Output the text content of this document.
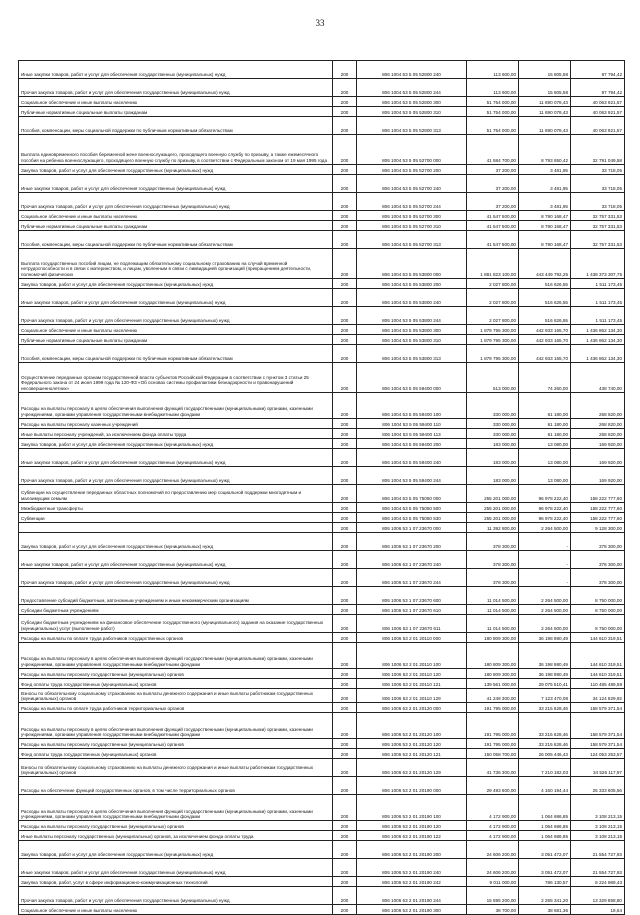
33
Иные закупки товаров, работ и услуг для обеспечения государственных (муниципальных) нужд	200	806 1004 53 5 05 52800 240	113 600,00	15 805,58	97 794,42
Прочая закупка товаров, работ и услуг для обеспечения государственных (муниципальных) нужд	200	806 1004 53 5 05 52800 244	113 600,00	15 805,58	97 794,42
Социальное обеспечение и иные выплаты населению	200	806 1004 53 5 05 52800 300	51 754 000,00	11 690 078,43	40 063 921,57
Публичные нормативные социальные выплаты гражданам	200	806 1004 53 5 05 52800 310	51 754 000,00	11 690 078,43	40 063 921,57
Пособия, компенсации, меры социальной поддержки по публичным нормативным обязательствам	200	806 1004 53 5 05 52800 313	51 754 000,00	11 690 078,43	40 063 921,57
Выплата единовременного пособия беременной жене военнослужащего, проходящего военную службу по призыву, а также ежемесячного пособия на ребенка военнослужащего, проходящего военную службу по призыву, в соответствии с Федеральным законом от 19 мая 1995 года	200	806 1004 53 5 05 52700 000	41 584 700,00	8 793 650,42	32 791 049,58
Закупка товаров, работ и услуг для обеспечения государственных (муниципальных) нужд	200	806 1004 53 5 05 52700 200	37 200,00	3 481,95	33 718,05
Иные закупки товаров, работ и услуг для обеспечения государственных (муниципальных) нужд	200	806 1004 53 5 05 52700 240	37 200,00	3 481,95	33 718,05
Прочая закупка товаров, работ и услуг для обеспечения государственных (муниципальных) нужд	200	806 1004 53 5 05 52700 244	37 200,00	3 481,95	33 718,05
Социальное обеспечение и иные выплаты населению	200	806 1004 53 5 05 52700 300	41 547 500,00	8 790 168,47	32 757 331,53
Публичные нормативные социальные выплаты гражданам	200	806 1004 53 5 05 52700 310	41 547 500,00	8 790 168,47	32 757 331,53
Пособия, компенсации, меры социальной поддержки по публичным нормативным обязательствам	200	806 1004 53 5 05 52700 313	41 547 500,00	8 790 168,47	32 757 331,53
Выплата государственных пособий лицам, не подлежащим обязательному социальному страхованию на случай временной нетрудоспособности и в связи с материнством, и лицам, уволенным в связи с ликвидацией организаций (прекращением деятельности, полномочий физических	200	806 1004 53 5 05 53800 000	1 881 823 100,00	443 449 792,25	1 438 373 307,75
Закупка товаров, работ и услуг для обеспечения государственных (муниципальных) нужд	200	806 1004 53 5 05 53800 200	2 027 800,00	516 626,55	1 511 173,45
Иные закупки товаров, работ и услуг для обеспечения государственных (муниципальных) нужд	200	806 1004 53 5 05 53800 240	2 027 800,00	516 626,55	1 511 173,45
Прочая закупка товаров, работ и услуг для обеспечения государственных (муниципальных) нужд	200	806 1004 53 5 05 53800 244	2 027 800,00	516 626,55	1 511 173,45
Социальное обеспечение и иные выплаты населению	200	806 1004 53 5 05 53800 300	1 879 795 300,00	442 933 165,70	1 436 862 134,30
Публичные нормативные социальные выплаты гражданам	200	806 1004 53 5 05 53800 310	1 879 795 300,00	442 933 165,70	1 436 862 134,30
Пособия, компенсации, меры социальной поддержки по публичным нормативным обязательствам	200	806 1004 53 5 05 53800 313	1 879 795 300,00	442 933 165,70	1 436 862 134,30
Осуществление переданных органам государственной власти субъектов Российской Федерации в соответствии с пунктом 3 статьи 25 Федерального закона от 24 июня 1999 года № 120-ФЗ «Об основах системы профилактики безнадзорности и правонарушений несовершеннолетних»	200	806 1004 53 5 05 59400 000	513 000,00	74 260,00	438 740,00
Расходы на выплаты персоналу в целях обеспечения выполнения функций государственными (муниципальными) органами, казенными учреждениями, органами управления государственными внебюджетными фондами	200	806 1004 53 5 05 59400 100	330 000,00	61 180,00	268 820,00
Расходы на выплаты персоналу казенных учреждений	200	806 1004 53 5 05 59400 110	330 000,00	61 180,00	268 820,00
Иные выплаты персоналу учреждений, за исключением фонда оплаты труда	200	806 1004 53 5 05 59400 113	330 000,00	61 180,00	268 820,00
Закупка товаров, работ и услуг для обеспечения государственных (муниципальных) нужд	200	806 1004 53 5 05 59400 200	183 000,00	13 080,00	169 920,00
Иные закупки товаров, работ и услуг для обеспечения государственных (муниципальных) нужд	200	806 1004 53 5 05 59400 240	183 000,00	13 080,00	169 920,00
Прочая закупка товаров, работ и услуг для обеспечения государственных (муниципальных) нужд	200	806 1004 53 5 05 59400 244	183 000,00	13 080,00	169 920,00
Субвенции на осуществление переданных областных полномочий по предоставлению мер социальной поддержки многодетным и малоимущим семьям	200	806 1004 53 5 05 75050 000	255 201 000,00	96 978 222,40	158 222 777,60
Межбюджетные трансферты	200	806 1004 53 5 05 75050 500	255 201 000,00	96 978 222,40	158 222 777,60
Субвенции	200	806 1004 53 5 05 75050 530	255 201 000,00	96 978 222,40	158 222 777,60
	200	806 1006 53 1 07 23670 000	11 392 800,00	2 264 500,00	9 128 300,00
Закупка товаров, работ и услуг для обеспечения государственных (муниципальных) нужд	200	806 1006 53 1 07 23670 200	378 300,00	-	378 300,00
Иные закупки товаров, работ и услуг для обеспечения государственных (муниципальных) нужд	200	806 1006 53 1 07 23670 240	378 300,00	-	378 300,00
Прочая закупка товаров, работ и услуг для обеспечения государственных (муниципальных) нужд	200	806 1006 53 1 07 23670 244	378 300,00	-	378 300,00
Предоставление субсидий бюджетным, автономным учреждениям и иным некоммерческим организациям	200	806 1006 53 1 07 23670 600	11 014 500,00	2 264 500,00	8 750 000,00
Субсидии бюджетным учреждениям	200	806 1006 53 1 07 23670 610	11 014 500,00	2 264 500,00	8 750 000,00
Субсидии бюджетным учреждениям на финансовое обеспечение государственного (муниципального) задания на оказание государственных (муниципальных) услуг (выполнение работ)	200	806 1006 53 1 07 23670 611	11 014 500,00	2 264 500,00	8 750 000,00
Расходы на выплаты по оплате труда работников государственных органов	200	806 1006 53 2 01 20110 000	180 809 300,00	36 198 980,49	144 610 319,51
Расходы на выплаты персоналу в целях обеспечения выполнения функций государственными (муниципальными) органами, казенными учреждениями, органами управления государственными внебюджетными фондами	200	806 1006 53 2 01 20110 100	180 809 300,00	36 198 980,49	144 610 319,51
Расходы на выплаты персоналу государственных (муниципальных) органов	200	806 1006 53 2 01 20110 120	180 809 300,00	36 198 980,49	144 610 319,51
Фонд оплаты труда государственных (муниципальных) органов	200	806 1006 53 2 01 20110 121	139 561 000,00	29 075 510,41	110 485 489,59
Взносы по обязательному социальному страхованию на выплаты денежного содержания и иные выплаты работникам государственных (муниципальных) органов	200	806 1006 53 2 01 20110 129	41 248 300,00	7 123 470,08	34 124 829,92
Расходы на выплаты по оплате труда работников территориальных органов	200	806 1006 53 2 01 20120 000	191 795 000,00	33 215 628,46	158 579 371,54
Расходы на выплаты персоналу в целях обеспечения выполнения функций государственными (муниципальными) органами, казенными учреждениями, органами управления государственными внебюджетными фондами	200	806 1006 53 2 01 20120 100	191 795 000,00	33 215 628,46	158 579 371,54
Расходы на выплаты персоналу государственных (муниципальных) органов	200	806 1006 53 2 01 20120 120	191 795 000,00	33 215 628,46	158 579 371,54
Фонд оплаты труда государственных (муниципальных) органов	200	806 1006 53 2 01 20120 121	150 058 700,00	26 005 446,43	124 053 253,57
Взносы по обязательному социальному страхованию на выплаты денежного содержания и иные выплаты работникам государственных (муниципальных) органов	200	806 1006 53 2 01 20120 129	41 736 300,00	7 210 182,03	34 526 117,97
Расходы на обеспечение функций государственных органов, в том числе территориальных органов	200	806 1006 53 2 01 20190 000	29 493 600,00	4 160 194,44	25 333 605,56
Расходы на выплаты персоналу в целях обеспечения выполнения функций государственными (муниципальными) органами, казенными учреждениями, органами управления государственными внебюджетными фондами	200	806 1006 53 2 01 20190 100	4 172 900,00	1 064 686,85	3 108 213,15
Расходы на выплаты персоналу государственных (муниципальных) органов	200	806 1006 53 2 01 20190 120	4 172 900,00	1 064 686,85	3 108 213,15
Иные выплаты персоналу государственных (муниципальных) органов, за исключением фонда оплаты труда	200	806 1006 53 2 01 20190 122	4 172 900,00	1 064 686,85	3 108 213,15
Закупка товаров, работ и услуг для обеспечения государственных (муниципальных) нужд	200	806 1006 53 2 01 20190 200	24 606 200,00	3 051 472,07	21 554 727,93
Иные закупки товаров, работ и услуг для обеспечения государственных (муниципальных) нужд	200	806 1006 53 2 01 20190 240	24 606 200,00	3 051 472,07	21 554 727,93
Закупка товаров, работ, услуг в сфере информационно-коммуникационных технологий	200	806 1006 53 2 01 20190 242	9 011 000,00	786 130,57	8 224 869,43
Прочая закупка товаров, работ и услуг для обеспечения государственных (муниципальных) нужд	200	806 1006 53 2 01 20190 244	15 595 200,00	2 265 341,20	13 329 858,80
Социальное обеспечение и иные выплаты населению	200	806 1006 53 2 01 20190 300	38 700,00	38 681,36	18,64
